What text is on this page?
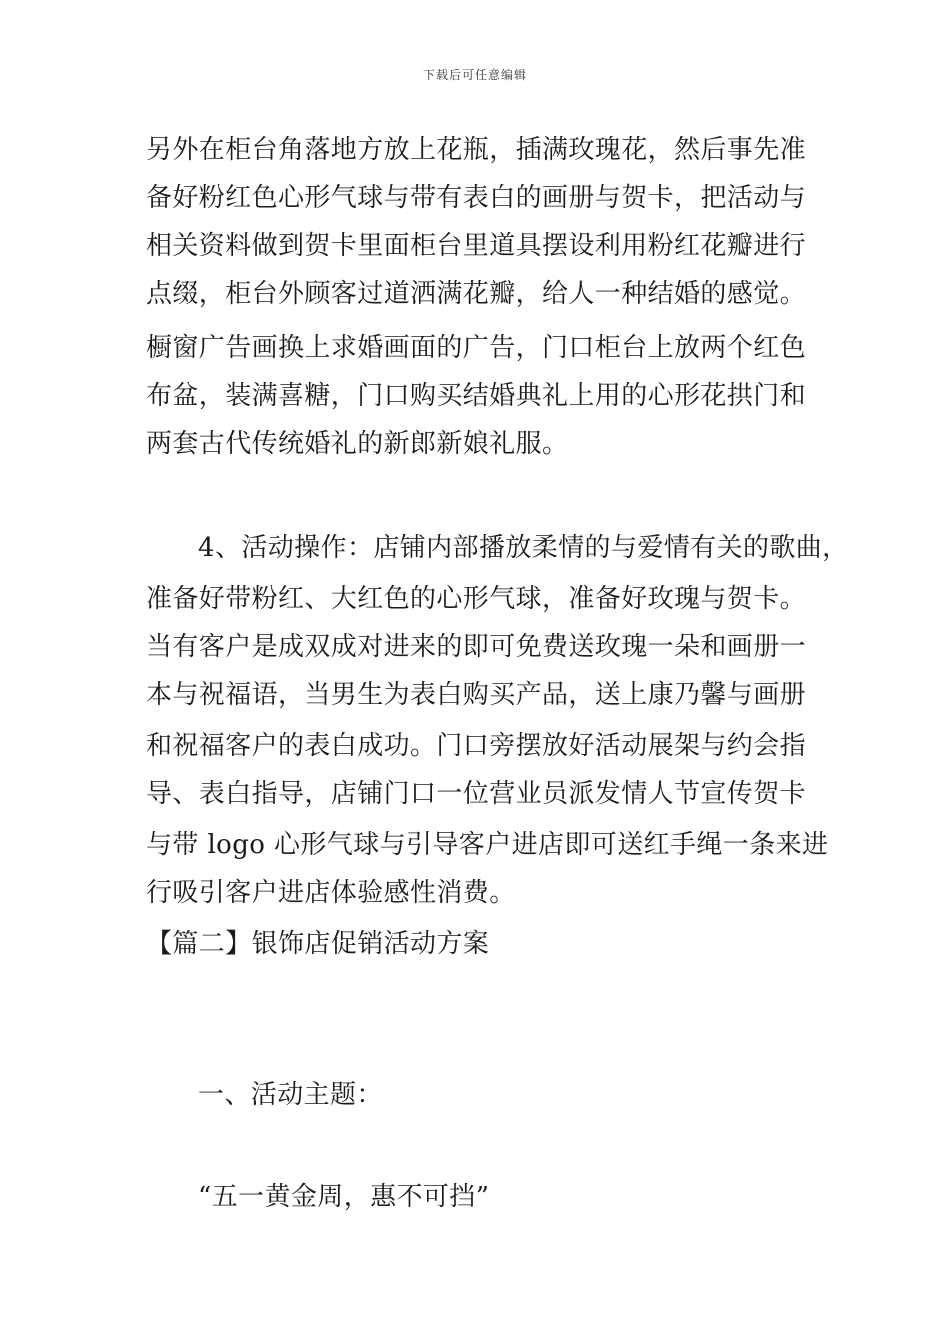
下载后可任意编辑
另外在柜台角落地方放上花瓶，插满玫瑰花，然后事先准
备好粉红色心形气球与带有表白的画册与贺卡，把活动与
相关资料做到贺卡里面柜台里道具摆设利用粉红花瓣进行
点缀，柜台外顾客过道洒满花瓣，给人一种结婚的感觉。
橱窗广告画换上求婚画面的广告，门口柜台上放两个红色
布盆，装满喜糖，门口购买结婚典礼上用的心形花拱门和
两套古代传统婚礼的新郎新娘礼服。
4、活动操作：店铺内部播放柔情的与爱情有关的歌曲，
准备好带粉红、大红色的心形气球，准备好玫瑰与贺卡。
当有客户是成双成对进来的即可免费送玫瑰一朵和画册一
本与祝福语，当男生为表白购买产品，送上康乃馨与画册
和祝福客户的表白成功。门口旁摆放好活动展架与约会指
导、表白指导，店铺门口一位营业员派发情人节宣传贺卡
与带 logo 心形气球与引导客户进店即可送红手绳一条来进
行吸引客户进店体验感性消费。
【篇二】银饰店促销活动方案
一、活动主题：
“五一黄金周，惠不可挡”
